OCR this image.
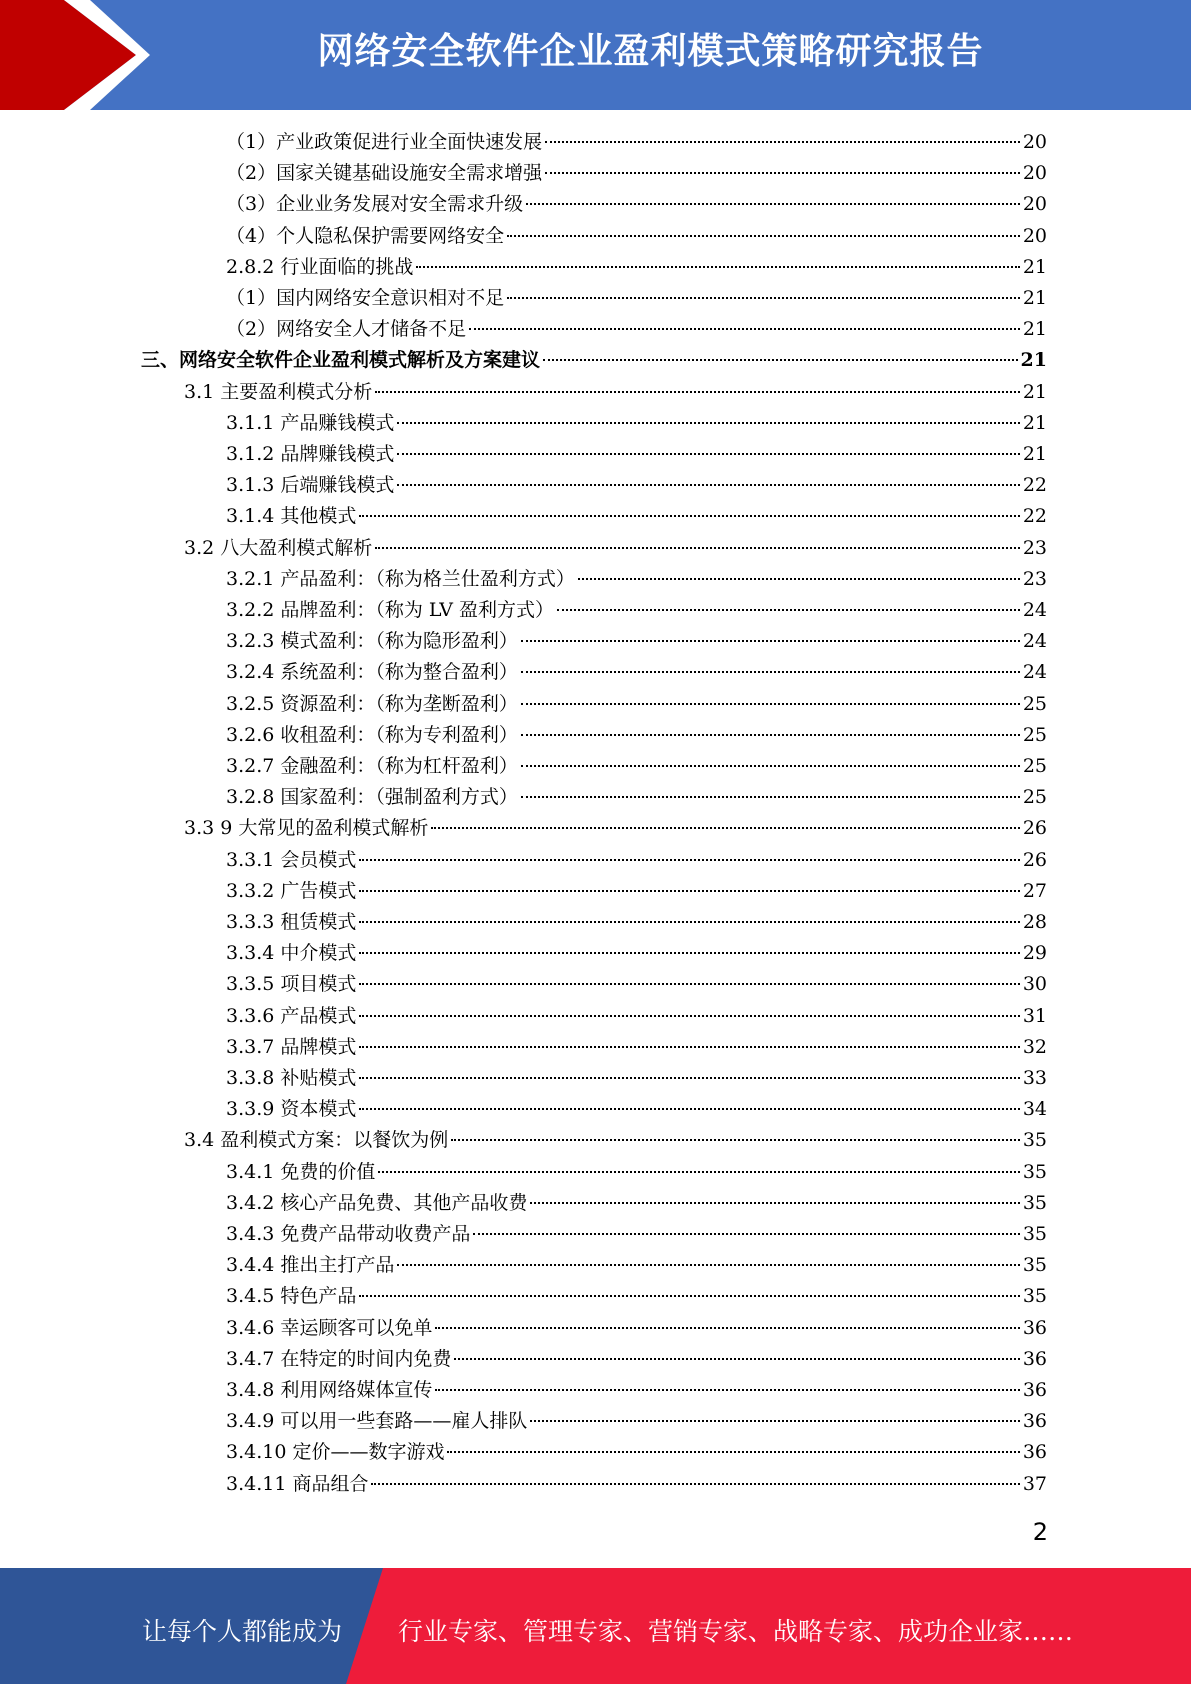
网络安全软件企业盈利模式策略研究报告
（1）产业政策促进行业全面快速发展	20
（2）国家关键基础设施安全需求增强	20
（3）企业业务发展对安全需求升级	20
（4）个人隐私保护需要网络安全	20
2.8.2 行业面临的挑战	21
（1）国内网络安全意识相对不足	21
（2）网络安全人才储备不足	21
三、网络安全软件企业盈利模式解析及方案建议	21
3.1 主要盈利模式分析	21
3.1.1 产品赚钱模式	21
3.1.2 品牌赚钱模式	21
3.1.3 后端赚钱模式	22
3.1.4 其他模式	22
3.2 八大盈利模式解析	23
3.2.1 产品盈利：（称为格兰仕盈利方式）	23
3.2.2 品牌盈利：（称为 LV 盈利方式）	24
3.2.3 模式盈利：（称为隐形盈利）	24
3.2.4 系统盈利：（称为整合盈利）	24
3.2.5 资源盈利：（称为垄断盈利）	25
3.2.6 收租盈利：（称为专利盈利）	25
3.2.7 金融盈利：（称为杠杆盈利）	25
3.2.8 国家盈利：（强制盈利方式）	25
3.3 9 大常见的盈利模式解析	26
3.3.1 会员模式	26
3.3.2 广告模式	27
3.3.3 租赁模式	28
3.3.4 中介模式	29
3.3.5 项目模式	30
3.3.6 产品模式	31
3.3.7 品牌模式	32
3.3.8 补贴模式	33
3.3.9 资本模式	34
3.4 盈利模式方案：以餐饮为例	35
3.4.1 免费的价值	35
3.4.2 核心产品免费、其他产品收费	35
3.4.3 免费产品带动收费产品	35
3.4.4 推出主打产品	35
3.4.5 特色产品	35
3.4.6 幸运顾客可以免单	36
3.4.7 在特定的时间内免费	36
3.4.8 利用网络媒体宣传	36
3.4.9 可以用一些套路——雇人排队	36
3.4.10 定价——数字游戏	36
3.4.11 商品组合	37
2
让每个人都能成为 行业专家、管理专家、营销专家、战略专家、成功企业家……
